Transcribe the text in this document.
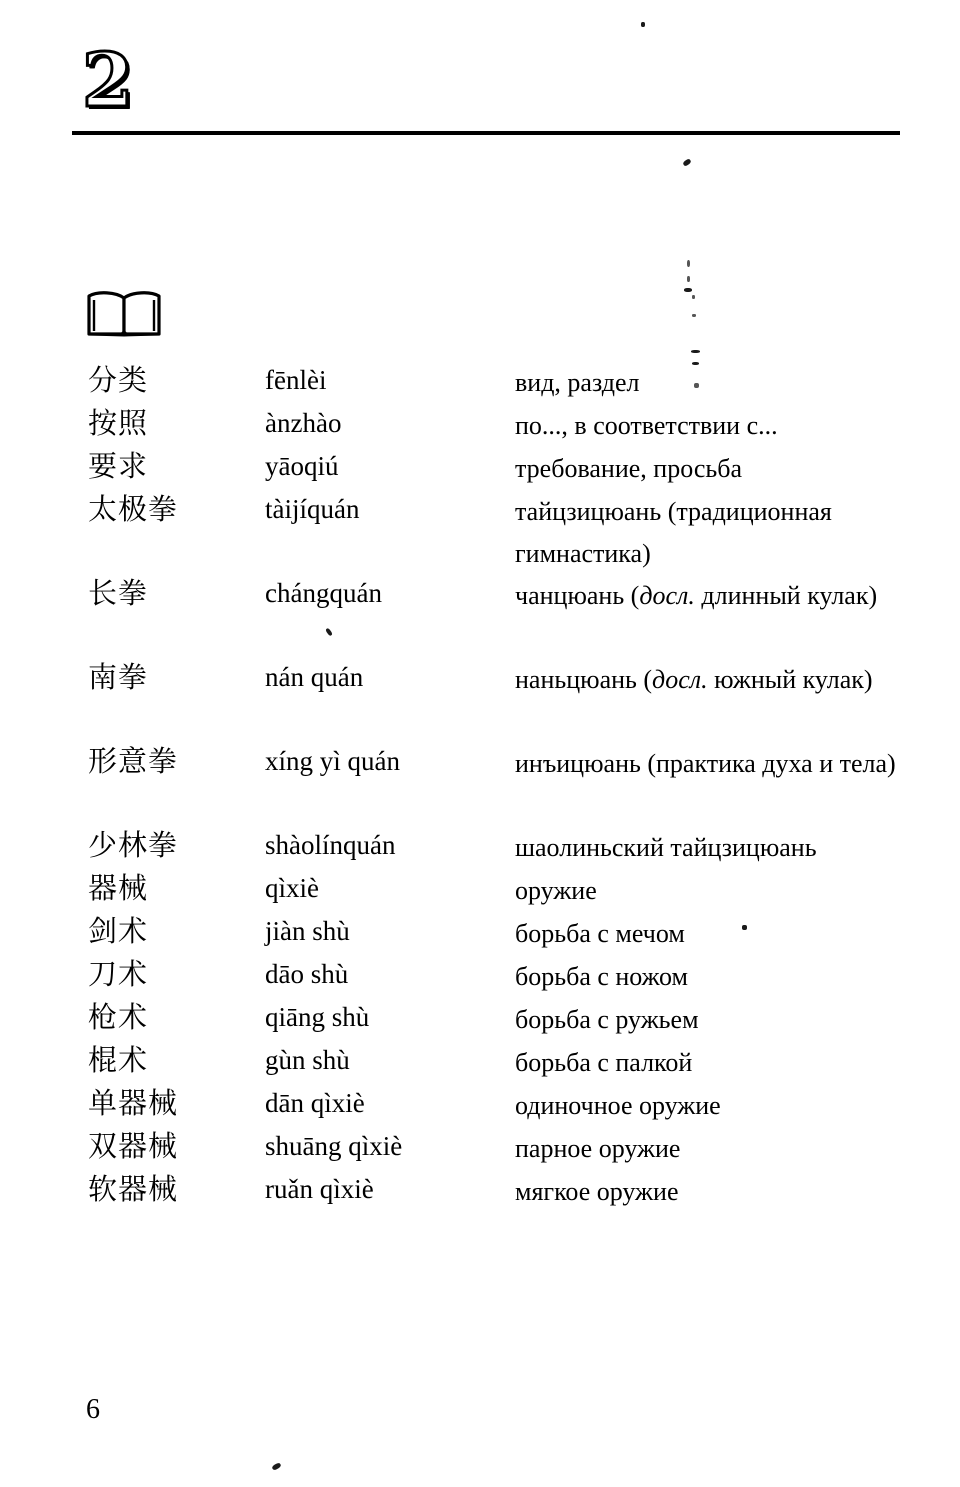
2
分类	fēnlèi	вид, раздел
按照	ànzhào	по..., в соответствии с...
要求	yāoqiú	требование, просьба
太极拳	tàijíquán	тайцзицюань (традиционная гимнастика)
长拳	chángquán	чанцюань (досл. длинный кулак)
南拳	nán quán	наньцюань (досл. южный кулак)
形意拳	xíng yì quán	инъицюань (практика духа и тела)
少林拳	shàolínquán	шаолиньский тайцзицюань
器械	qìxiè	оружие
剑术	jiàn shù	борьба с мечом
刀术	dāo shù	борьба с ножом
枪术	qiāng shù	борьба с ружьем
棍术	gùn shù	борьба с палкой
单器械	dān qìxiè	одиночное оружие
双器械	shuāng qìxiè	парное оружие
软器械	ruǎn qìxiè	мягкое оружие
6
